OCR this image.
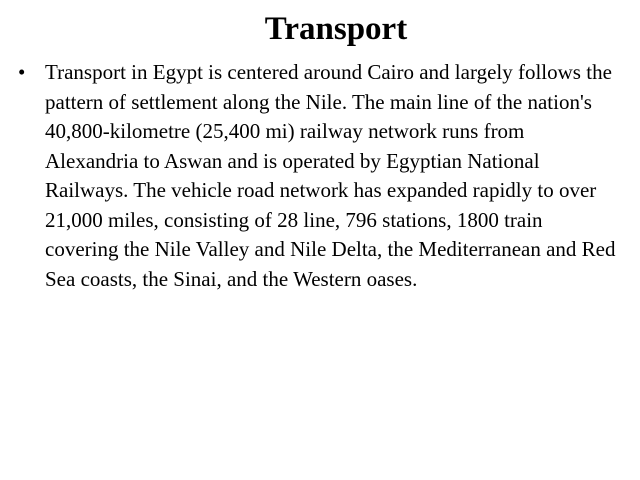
Transport
• Transport in Egypt is centered around Cairo and largely follows the pattern of settlement along the Nile. The main line of the nation's 40,800-kilometre (25,400 mi) railway network runs from Alexandria to Aswan and is operated by Egyptian National Railways. The vehicle road network has expanded rapidly to over 21,000 miles, consisting of 28 line, 796 stations, 1800 train covering the Nile Valley and Nile Delta, the Mediterranean and Red Sea coasts, the Sinai, and the Western oases.
